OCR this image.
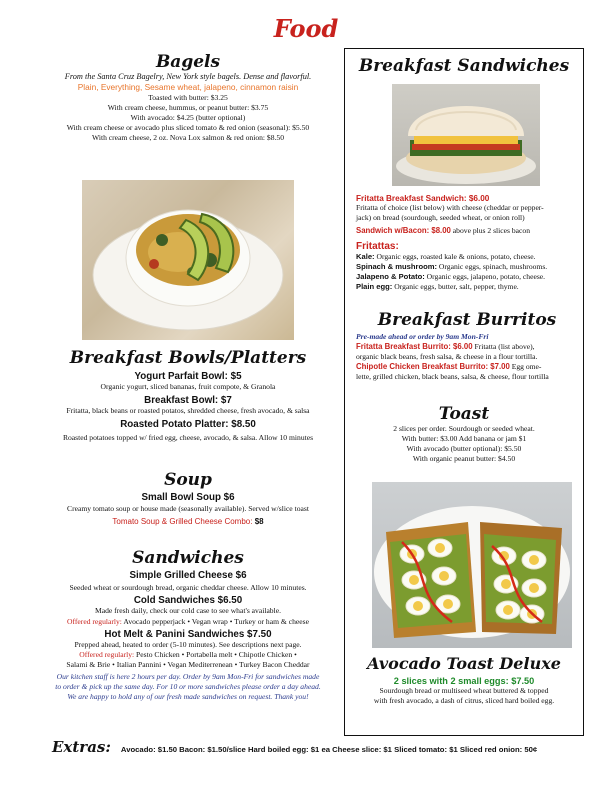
Food
Bagels
From the Santa Cruz Bagelry, New York style bagels. Dense and flavorful.
Plain, Everything, Sesame wheat, jalapeno, cinnamon raisin
Toasted with butter: $3.25
With cream cheese, hummus, or peanut butter: $3.75
With avocado: $4.25 (butter optional)
With cream cheese or avocado plus sliced tomato & red onion (seasonal): $5.50
With cream cheese, 2 oz. Nova Lox salmon & red onion: $8.50
Breakfast Bowls/Platters
Yogurt Parfait Bowl: $5
Organic yogurt, sliced bananas, fruit compote, & Granola
Breakfast Bowl: $7
Fritatta, black beans or roasted potatos, shredded cheese, fresh avocado, & salsa
Roasted Potato Platter: $8.50
Roasted potatoes topped w/ fried egg, cheese, avocado, & salsa. Allow 10 minutes
Soup
Small Bowl Soup $6
Creamy tomato soup or house made (seasonally available). Served w/slice toast
Tomato Soup & Grilled Cheese Combo: $8
Sandwiches
Simple Grilled Cheese $6
Seeded wheat or sourdough bread, organic cheddar cheese. Allow 10 minutes.
Cold Sandwiches $6.50
Made fresh daily, check our cold case to see what's available.
Offered regularly: Avocado pepperjack • Vegan wrap • Turkey or ham & cheese
Hot Melt & Panini Sandwiches $7.50
Prepped ahead, heated to order (5-10 minutes). See descriptions next page.
Offered regularly: Pesto Chicken • Portabella melt • Chipotle Chicken •
Salami & Brie • Italian Pannini • Vegan Mediterrenean • Turkey Bacon Cheddar
Our kitchen staff is here 2 hours per day. Order by 9am Mon-Fri for sandwiches made
to order & pick up the same day. For 10 or more sandwiches please order a day ahead.
We are happy to hold any of our fresh made sandwiches on request. Thank you!
Breakfast Sandwiches
Fritatta Breakfast Sandwich: $6.00
Fritatta of choice (list below) with cheese (cheddar or pepper-
jack) on bread (sourdough, seeded wheat, or onion roll)
Sandwich w/Bacon: $8.00 above plus 2 slices bacon
Fritattas:
Kale: Organic eggs, roasted kale & onions, potato, cheese.
Spinach & mushroom: Organic eggs, spinach, mushrooms.
Jalapeno & Potato: Organic eggs, jalapeno, potato, cheese.
Plain egg: Organic eggs, butter, salt, pepper, thyme.
Breakfast Burritos
Pre-made ahead or order by 9am Mon-Fri
Fritatta Breakfast Burrito: $6.00 Fritatta (list above),
organic black beans, fresh salsa, & cheese in a flour tortilla.
Chipotle Chicken Breakfast Burrito: $7.00 Egg ome-
lette, grilled chicken, black beans, salsa, & cheese, flour tortilla
Toast
2 slices per order. Sourdough or seeded wheat.
With butter: $3.00 Add banana or jam $1
With avocado (butter optional): $5.50
With organic peanut butter: $4.50
Avocado Toast Deluxe
2 slices with 2 small eggs: $7.50
Sourdough bread or multiseed wheat buttered & topped
with fresh avocado, a dash of citrus, sliced hard boiled egg.
Extras: Avocado: $1.50 Bacon: $1.50/slice Hard boiled egg: $1 ea Cheese slice: $1 Sliced tomato: $1 Sliced red onion: 50¢
